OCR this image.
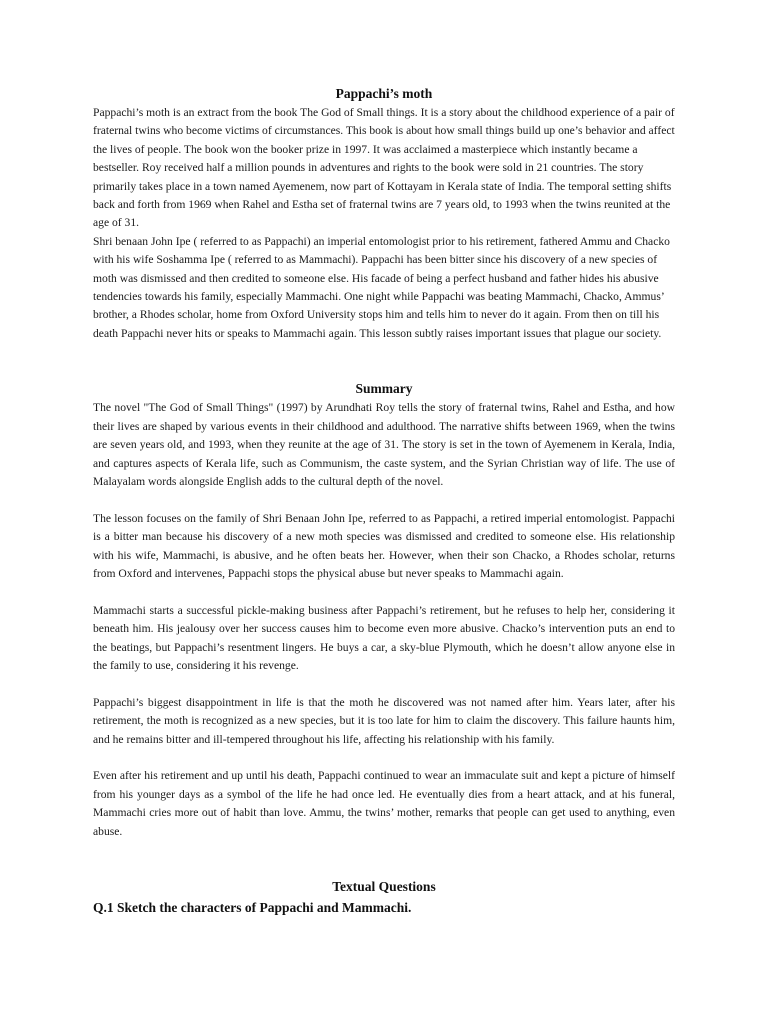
Pappachi’s moth

Pappachi’s moth is an extract from the book The God of Small things. It is a story about the childhood experience of a pair of fraternal twins who become victims of circumstances. This book is about how small things build up one’s behavior and affect the lives of people. The book won the booker prize in 1997. It was acclaimed a masterpiece which instantly became a bestseller. Roy received half a million pounds in adventures and rights to the book were sold in 21 countries. The story primarily takes place in a town named Ayemenem, now part of Kottayam in Kerala state of India. The temporal setting shifts back and forth from 1969 when Rahel and Estha set of fraternal twins are 7 years old, to 1993 when the twins reunited at the age of 31.

Shri benaan John Ipe ( referred to as Pappachi) an imperial entomologist prior to his retirement, fathered Ammu and Chacko with his wife Soshamma Ipe ( referred to as Mammachi). Pappachi has been bitter since his discovery of a new species of moth was dismissed and then credited to someone else. His facade of being a perfect husband and father hides his abusive tendencies towards his family, especially Mammachi. One night while Pappachi was beating Mammachi, Chacko, Ammus’ brother, a Rhodes scholar, home from Oxford University stops him and tells him to never do it again. From then on till his death Pappachi never hits or speaks to Mammachi again. This lesson subtly raises important issues that plague our society.

Summary

The novel "The God of Small Things" (1997) by Arundhati Roy tells the story of fraternal twins, Rahel and Estha, and how their lives are shaped by various events in their childhood and adulthood. The narrative shifts between 1969, when the twins are seven years old, and 1993, when they reunite at the age of 31. The story is set in the town of Ayemenem in Kerala, India, and captures aspects of Kerala life, such as Communism, the caste system, and the Syrian Christian way of life. The use of Malayalam words alongside English adds to the cultural depth of the novel.

The lesson focuses on the family of Shri Benaan John Ipe, referred to as Pappachi, a retired imperial entomologist. Pappachi is a bitter man because his discovery of a new moth species was dismissed and credited to someone else. His relationship with his wife, Mammachi, is abusive, and he often beats her. However, when their son Chacko, a Rhodes scholar, returns from Oxford and intervenes, Pappachi stops the physical abuse but never speaks to Mammachi again.

Mammachi starts a successful pickle-making business after Pappachi’s retirement, but he refuses to help her, considering it beneath him. His jealousy over her success causes him to become even more abusive. Chacko’s intervention puts an end to the beatings, but Pappachi’s resentment lingers. He buys a car, a sky-blue Plymouth, which he doesn’t allow anyone else in the family to use, considering it his revenge.

Pappachi’s biggest disappointment in life is that the moth he discovered was not named after him. Years later, after his retirement, the moth is recognized as a new species, but it is too late for him to claim the discovery. This failure haunts him, and he remains bitter and ill-tempered throughout his life, affecting his relationship with his family.

Even after his retirement and up until his death, Pappachi continued to wear an immaculate suit and kept a picture of himself from his younger days as a symbol of the life he had once led. He eventually dies from a heart attack, and at his funeral, Mammachi cries more out of habit than love. Ammu, the twins’ mother, remarks that people can get used to anything, even abuse.

Textual Questions
Q.1 Sketch the characters of Pappachi and Mammachi.
